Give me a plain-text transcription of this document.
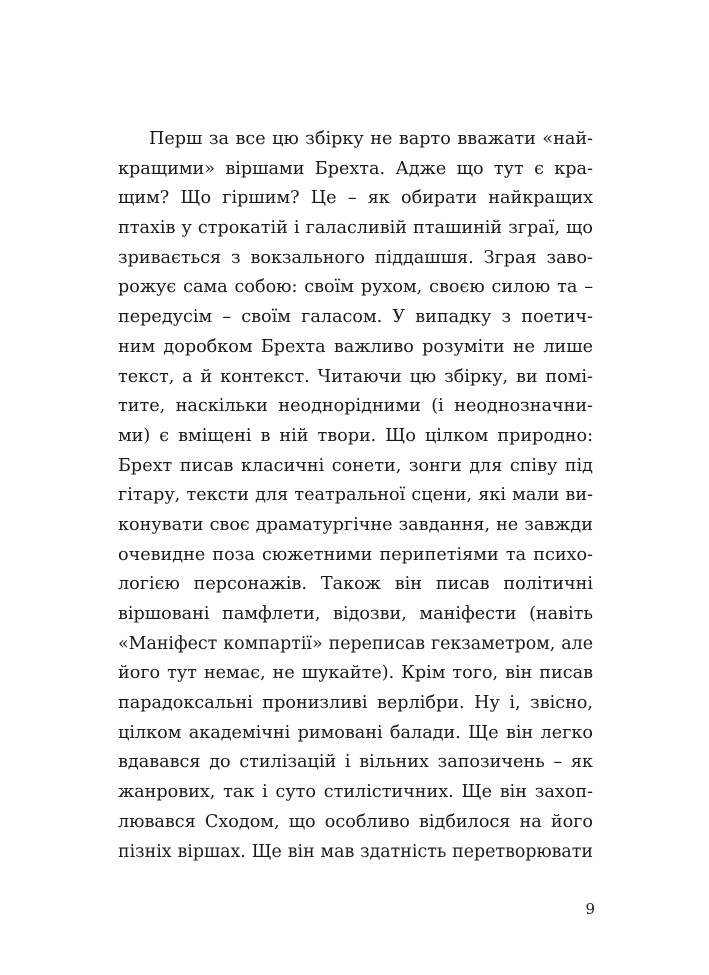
Перш за все цю збірку не варто вважати «най-
кращими» віршами Брехта. Адже що тут є кра-
щим? Що гіршим? Це – як обирати найкращих
птахів у строкатій і галасливій пташиній зграї, що
зривається з вокзального піддашшя. Зграя заво-
рожує сама собою: своїм рухом, своєю силою та –
передусім – своїм галасом. У випадку з поетич-
ним доробком Брехта важливо розуміти не лише
текст, а й контекст. Читаючи цю збірку, ви помі-
тите, наскільки неоднорідними (і неоднозначни-
ми) є вміщені в ній твори. Що цілком природно:
Брехт писав класичні сонети, зонги для співу під
гітару, тексти для театральної сцени, які мали ви-
конувати своє драматургічне завдання, не завжди
очевидне поза сюжетними перипетіями та психо-
логією персонажів. Також він писав політичні
віршовані памфлети, відозви, маніфести (навіть
«Маніфест компартії» переписав гекзаметром, але
його тут немає, не шукайте). Крім того, він писав
парадоксальні пронизливі верлібри. Ну і, звісно,
цілком академічні римовані балади. Ще він легко
вдавався до стилізацій і вільних запозичень – як
жанрових, так і суто стилістичних. Ще він захоп-
лювався Сходом, що особливо відбилося на його
пізніх віршах. Ще він мав здатність перетворювати
9
